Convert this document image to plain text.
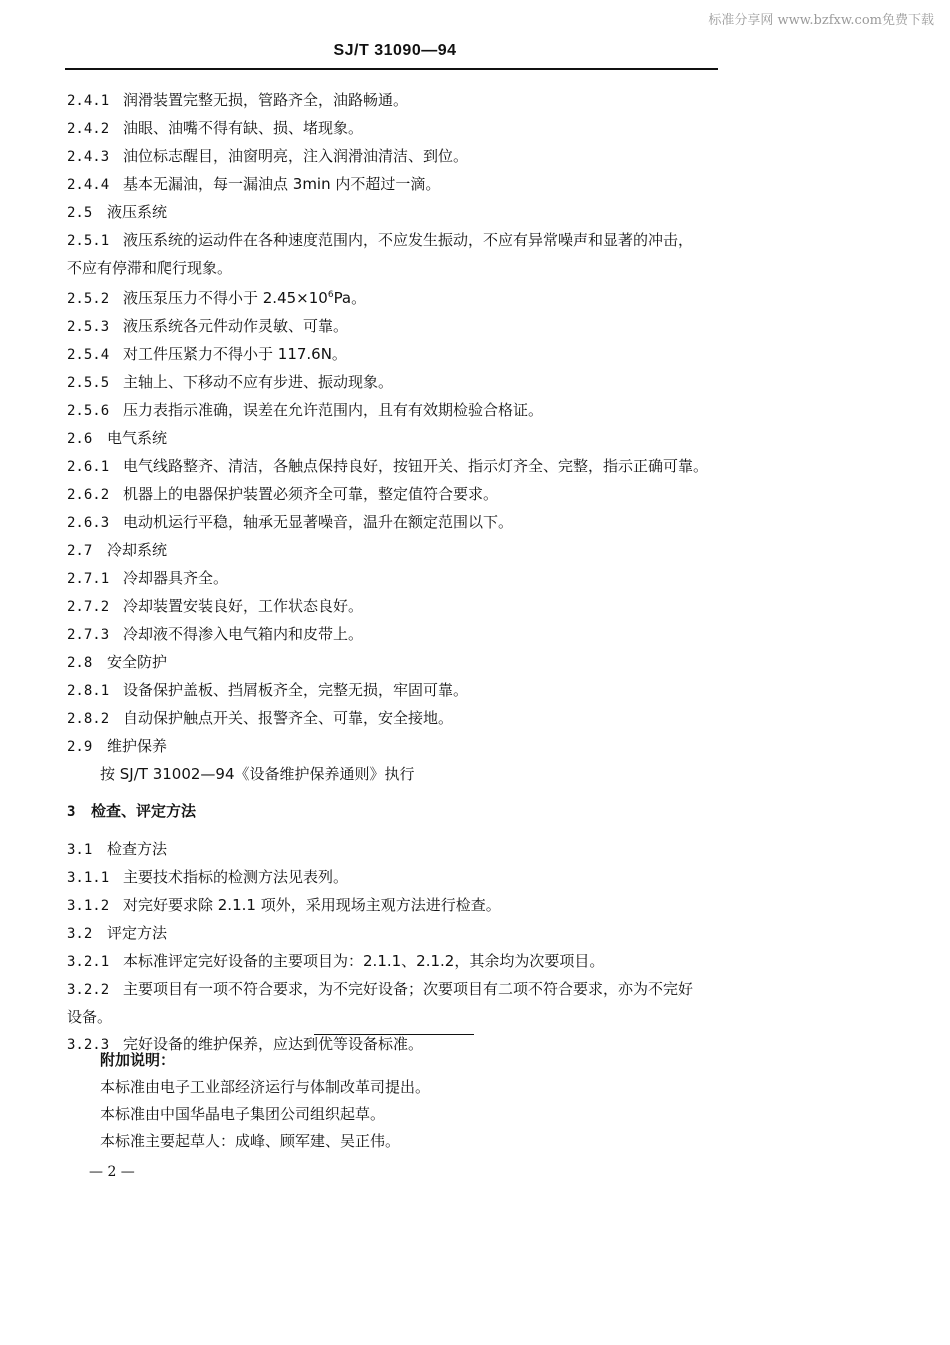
标准分享网 www.bzfxw.com免费下载
SJ/T 31090—94
2.4.1 润滑装置完整无损，管路齐全，油路畅通。
2.4.2 油眼、油嘴不得有缺、损、堵现象。
2.4.3 油位标志醒目，油窗明亮，注入润滑油清洁、到位。
2.4.4 基本无漏油，每一漏油点 3min 内不超过一滴。
2.5 液压系统
2.5.1 液压系统的运动件在各种速度范围内，不应发生振动，不应有异常噪声和显著的冲击，
不应有停滞和爬行现象。
2.5.2 液压泵压力不得小于 $2.45\times 10^6Pa$。
2.5.3 液压系统各元件动作灵敏、可靠。
2.5.4 对工件压紧力不得小于 117.6N。
2.5.5 主轴上、下移动不应有步进、振动现象。
2.5.6 压力表指示准确，误差在允许范围内，且有有效期检验合格证。
2.6 电气系统
2.6.1 电气线路整齐、清洁，各触点保持良好，按钮开关、指示灯齐全、完整，指示正确可靠。
2.6.2 机器上的电器保护装置必须齐全可靠，整定值符合要求。
2.6.3 电动机运行平稳，轴承无显著噪音，温升在额定范围以下。
2.7 冷却系统
2.7.1 冷却器具齐全。
2.7.2 冷却装置安装良好，工作状态良好。
2.7.3 冷却液不得渗入电气箱内和皮带上。
2.8 安全防护
2.8.1 设备保护盖板、挡屑板齐全，完整无损，牢固可靠。
2.8.2 自动保护触点开关、报警齐全、可靠，安全接地。
2.9 维护保养
按 SJ/T 31002—94《设备维护保养通则》执行
3 检查、评定方法
3.1 检查方法
3.1.1 主要技术指标的检测方法见表列。
3.1.2 对完好要求除 2.1.1 项外，采用现场主观方法进行检查。
3.2 评定方法
3.2.1 本标准评定完好设备的主要项目为：2.1.1、2.1.2，其余均为次要项目。
3.2.2 主要项目有一项不符合要求，为不完好设备；次要项目有二项不符合要求，亦为不完好
设备。
3.2.3 完好设备的维护保养，应达到优等设备标准。
附加说明：
本标准由电子工业部经济运行与体制改革司提出。
本标准由中国华晶电子集团公司组织起草。
本标准主要起草人：成峰、顾军建、吴正伟。
— 2 —
